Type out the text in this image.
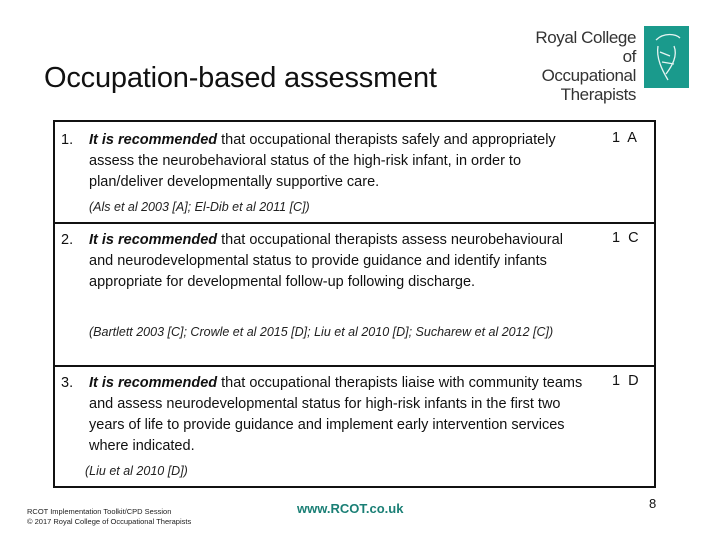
Occupation-based assessment
Royal College of
Occupational
Therapists
1. It is recommended that occupational therapists safely and appropriately assess the neurobehavioral status of the high-risk infant, in order to plan/deliver developmentally supportive care.
1 A
(Als et al 2003 [A]; El-Dib et al 2011 [C])
2. It is recommended that occupational therapists assess neurobehavioural and neurodevelopmental status to provide guidance and identify infants appropriate for developmental follow-up following discharge.
1 C
(Bartlett 2003 [C]; Crowle et al 2015 [D]; Liu et al 2010 [D]; Sucharew et al 2012 [C])
3. It is recommended that occupational therapists liaise with community teams and assess neurodevelopmental status for high-risk infants in the first two years of life to provide guidance and implement early intervention services where indicated.
1 D
(Liu et al 2010 [D])
RCOT Implementation Toolkit/CPD Session
© 2017 Royal College of Occupational Therapists
www.RCOT.co.uk	8
